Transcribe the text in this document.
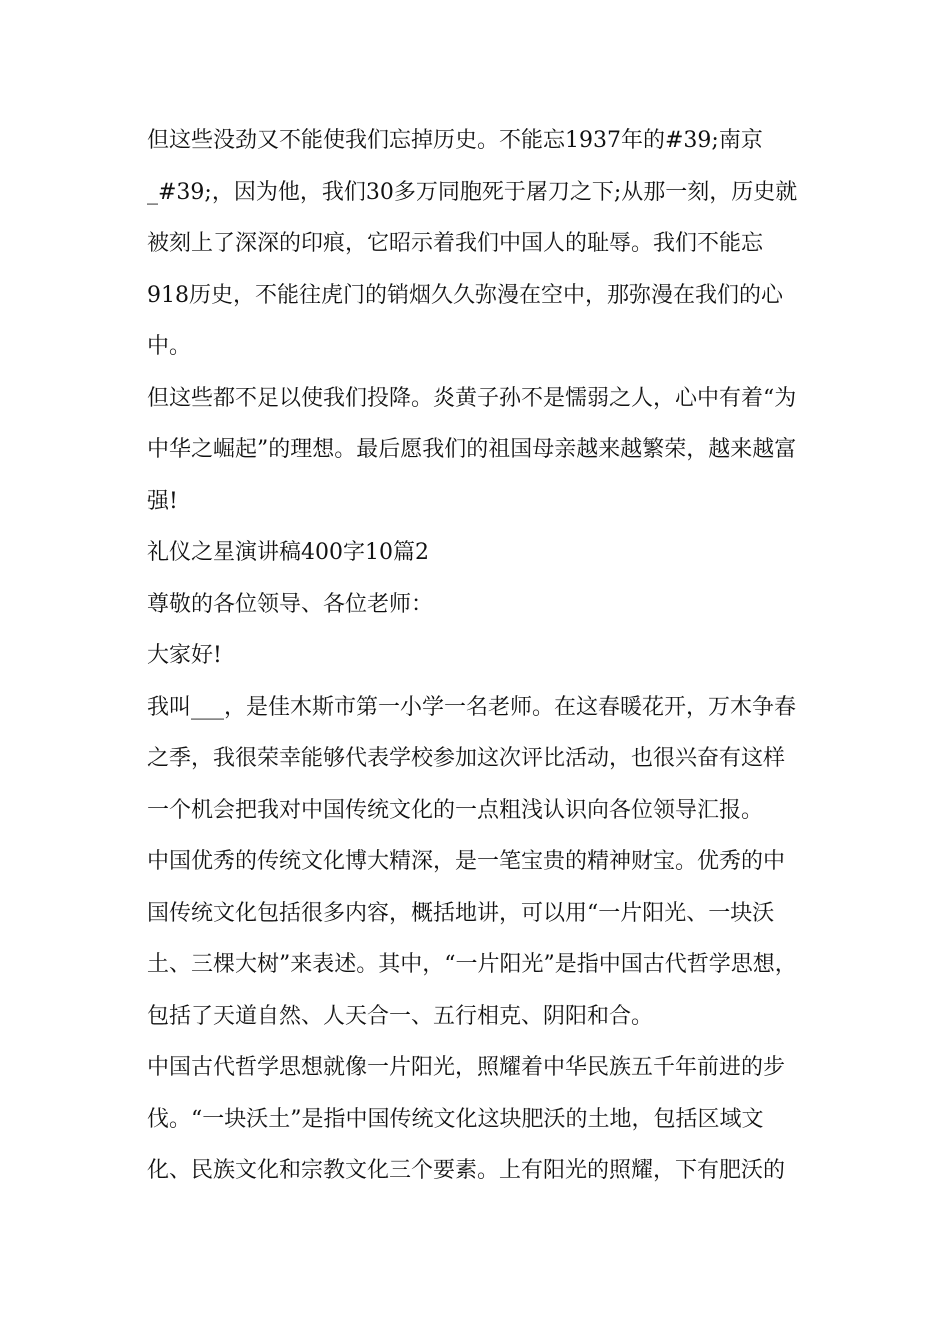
但这些没劲又不能使我们忘掉历史。不能忘1937年的#39;南京
_#39;，因为他，我们30多万同胞死于屠刀之下;从那一刻，历史就
被刻上了深深的印痕，它昭示着我们中国人的耻辱。我们不能忘
918历史，不能往虎门的销烟久久弥漫在空中，那弥漫在我们的心
中。
但这些都不足以使我们投降。炎黄子孙不是懦弱之人，心中有着“为
中华之崛起”的理想。最后愿我们的祖国母亲越来越繁荣，越来越富
强!
礼仪之星演讲稿400字10篇2
尊敬的各位领导、各位老师：
大家好!
我叫___，是佳木斯市第一小学一名老师。在这春暖花开，万木争春
之季，我很荣幸能够代表学校参加这次评比活动，也很兴奋有这样
一个机会把我对中国传统文化的一点粗浅认识向各位领导汇报。
中国优秀的传统文化博大精深，是一笔宝贵的精神财宝。优秀的中
国传统文化包括很多内容，概括地讲，可以用“一片阳光、一块沃
土、三棵大树”来表述。其中，“一片阳光”是指中国古代哲学思想，
包括了天道自然、人天合一、五行相克、阴阳和合。
中国古代哲学思想就像一片阳光，照耀着中华民族五千年前进的步
伐。“一块沃土”是指中国传统文化这块肥沃的土地，包括区域文
化、民族文化和宗教文化三个要素。上有阳光的照耀，下有肥沃的
